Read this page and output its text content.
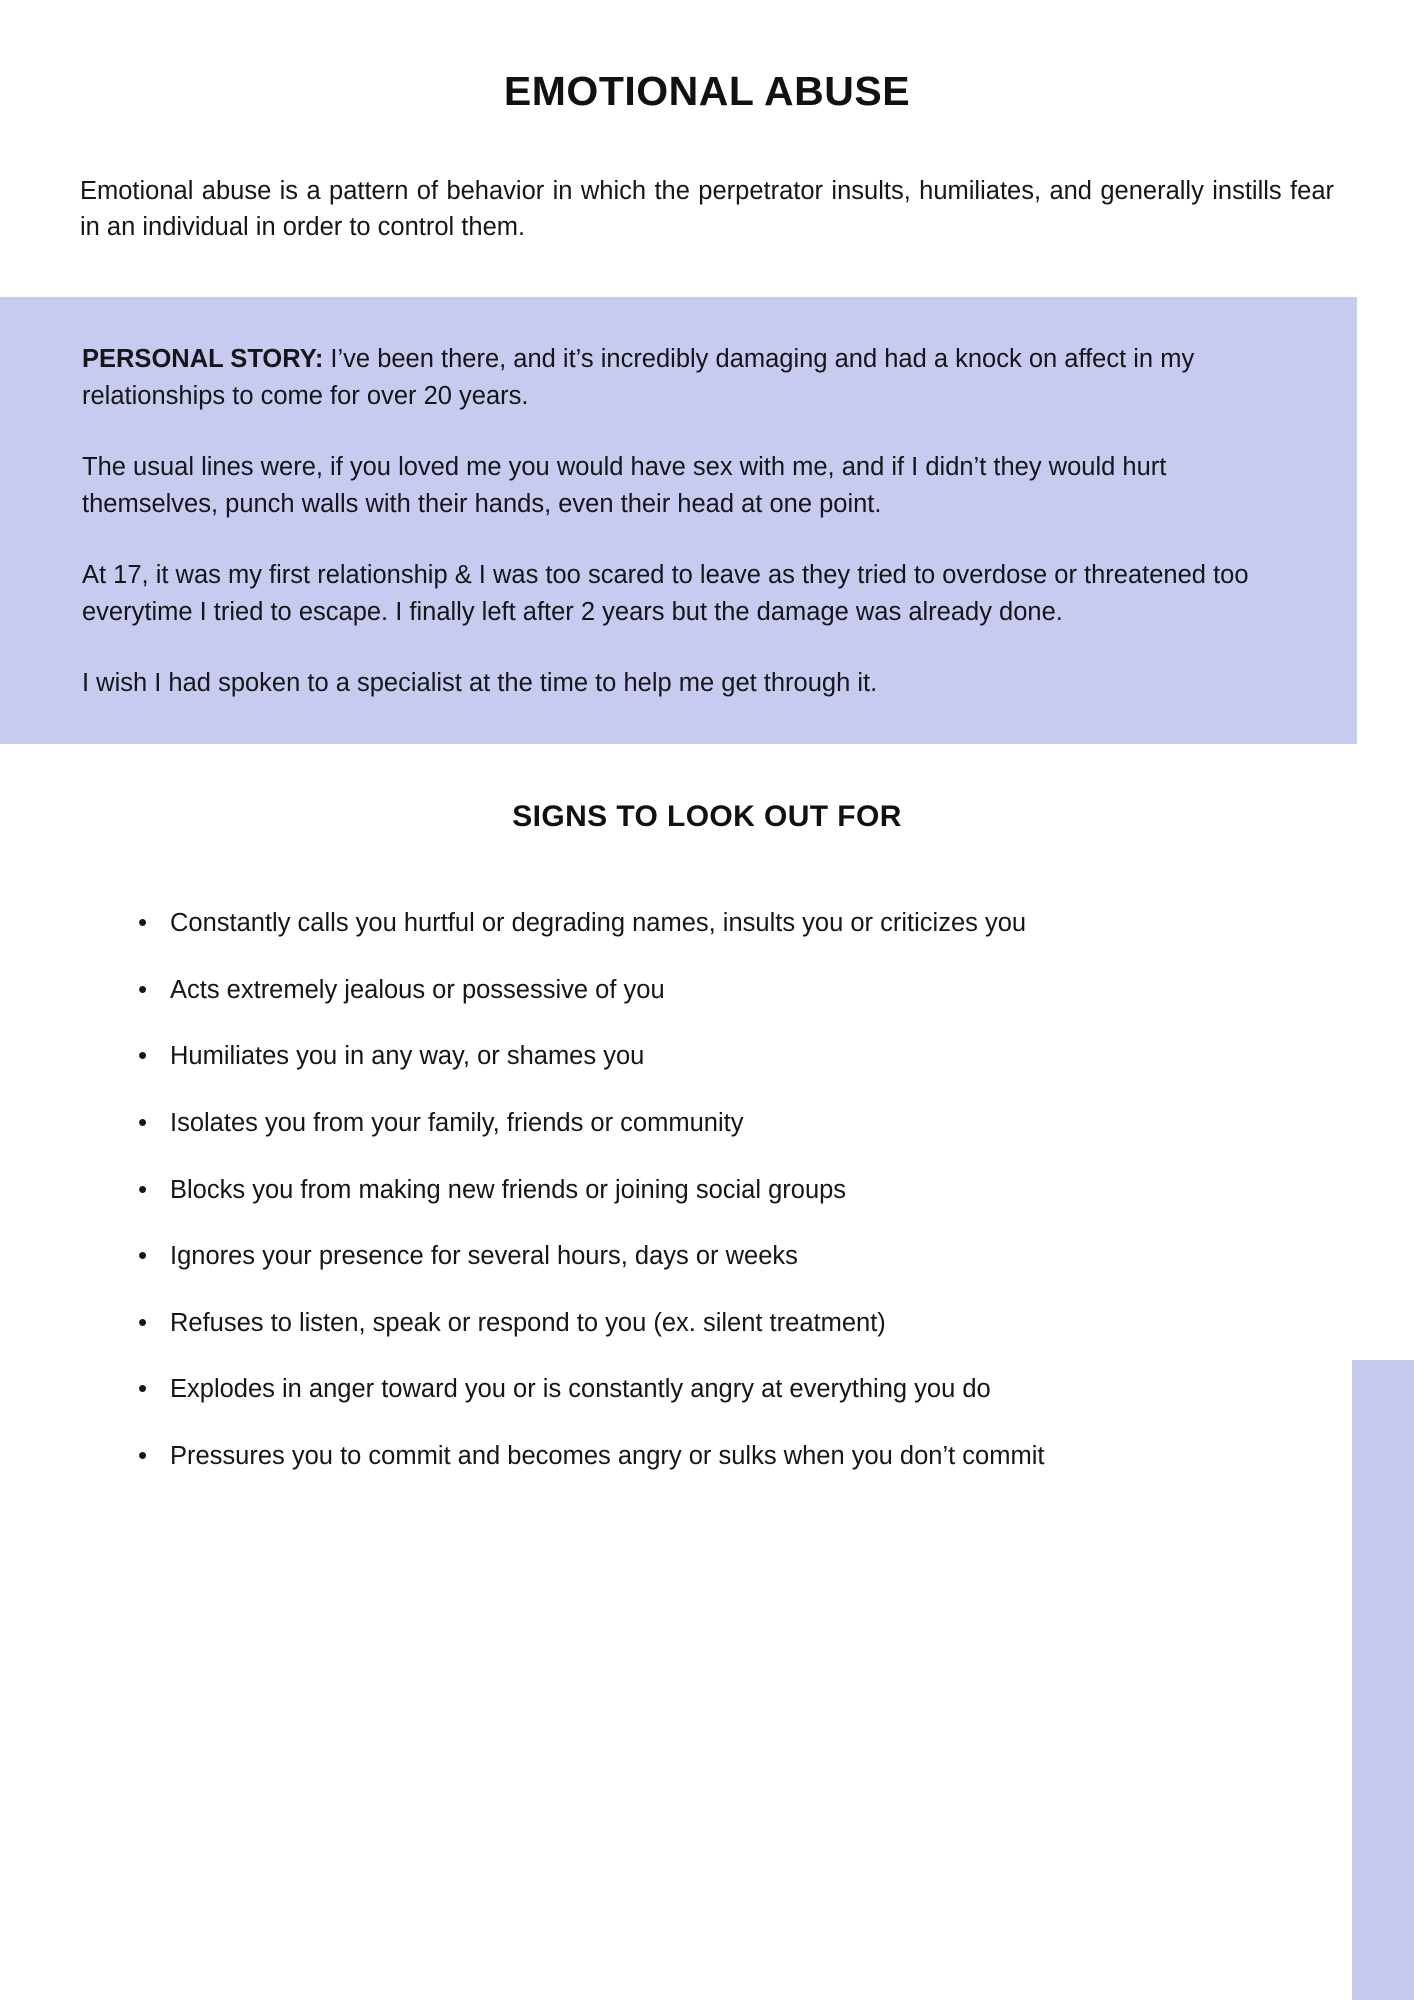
EMOTIONAL ABUSE

Emotional abuse is a pattern of behavior in which the perpetrator insults, humiliates, and generally instills fear in an individual in order to control them.

PERSONAL STORY: I’ve been there, and it’s incredibly damaging and had a knock on affect in my relationships to come for over 20 years.

The usual lines were, if you loved me you would have sex with me, and if I didn’t they would hurt themselves, punch walls with their hands, even their head at one point.

At 17, it was my first relationship & I was too scared to leave as they tried to overdose or threatened too everytime I tried to escape. I finally left after 2 years but the damage was already done.

I wish I had spoken to a specialist at the time to help me get through it.

SIGNS TO LOOK OUT FOR
• Constantly calls you hurtful or degrading names, insults you or criticizes you
• Acts extremely jealous or possessive of you
• Humiliates you in any way, or shames you
• Isolates you from your family, friends or community
• Blocks you from making new friends or joining social groups
• Ignores your presence for several hours, days or weeks
• Refuses to listen, speak or respond to you (ex. silent treatment)
• Explodes in anger toward you or is constantly angry at everything you do
• Pressures you to commit and becomes angry or sulks when you don’t commit
